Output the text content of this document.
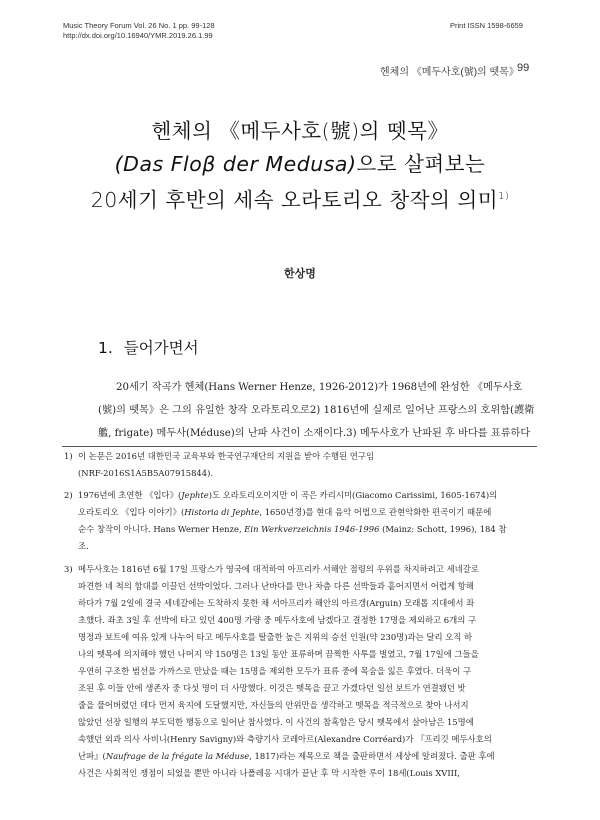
Music Theory Forum Vol. 26 No. 1 pp. 99-128
http://dx.doi.org/10.16940/YMR.2019.26.1.99
Print ISSN 1598-6659
헨체의 《메두사호(號)의 뗏목》
99
헨체의 《메두사호(號)의 뗏목》
(Das Floβ der Medusa)으로 살펴보는
20세기 후반의 세속 오라토리오 창작의 의미$^{1)}$
한상명
1. 들어가면서
20세기 작곡가 헨체(Hans Werner Henze, 1926-2012)가 1968년에 완성한 《메두사호
(號)의 뗏목》은 그의 유일한 창작 오라토리오로2) 1816년에 실제로 일어난 프랑스의 호위함(護衛
艦, frigate) 메두사(Méduse)의 난파 사건이 소재이다.3) 메두사호가 난파된 후 바다를 표류하다
1) 이 논문은 2016년 대한민국 교육부와 한국연구재단의 지원을 받아 수행된 연구임
(NRF-2016S1A5B5A07915844).
2) 1976년에 초연한 《입다》(Jephte)도 오라토리오이지만 이 곡은 카리시미(Giacomo Carissimi, 1605-1674)의
오라토리오 《입다 이야기》(Historia di Jephte, 1650년경)를 현대 음악 어법으로 관현악화한 편곡이기 때문에
순수 창작이 아니다. Hans Werner Henze, Ein Werkverzeichnis 1946-1996 (Mainz: Schott, 1996), 184 참
조.
3) 메두사호는 1816년 6월 17일 프랑스가 영국에 대적하여 아프리카 서해안 점령의 우위를 차지하려고 세네갈로
파견한 네 척의 함대를 이끌던 선박이었다. 그러나 난바다를 만나 차츰 다른 선박들과 흩어지면서 어렵게 항해
하다가 7월 2일에 결국 세네갈에는 도착하지 못한 채 서아프리카 해안의 아르갱(Arguin) 모래톱 지대에서 좌
초했다. 좌초 3일 후 선박에 타고 있던 400명 가량 중 메두사호에 남겠다고 결정한 17명을 제외하고 6개의 구
명정과 보트에 여유 있게 나누어 타고 메두사호를 탈출한 높은 지위의 승선 인원(약 230명)과는 달리 오직 하
나의 뗏목에 의지해야 했던 나머지 약 150명은 13일 동안 표류하며 끔찍한 사투를 벌였고, 7월 17일에 그들을
우연히 구조한 범선을 가까스로 만났을 때는 15명을 제외한 모두가 표류 중에 목숨을 잃은 후였다. 더욱이 구
조된 후 이들 안에 생존자 중 다섯 명이 더 사망했다. 이것은 뗏목을 끌고 가겠다던 일선 보트가 연결됐던 밧
줄을 풀어버렸던 데다 먼저 육지에 도달했지만, 자신들의 안위만을 생각하고 뗏목을 적극적으로 찾아 나서지
않았던 선장 일행의 부도덕한 행동으로 일어난 참사였다. 이 사건의 참혹함은 당시 뗏목에서 살아남은 15명에
속했던 외과 의사 사비니(Henry Savigny)와 측량기사 코레아르(Alexandre Corréard)가 『프리깃 메두사호의
난파』(Naufrage de la frégate la Méduse, 1817)라는 제목으로 책을 출판하면서 세상에 알려졌다. 출판 후에
사건은 사회적인 쟁점이 되었을 뿐만 아니라 나폴레옹 시대가 끝난 후 막 시작한 루이 18세(Louis XVIII,
